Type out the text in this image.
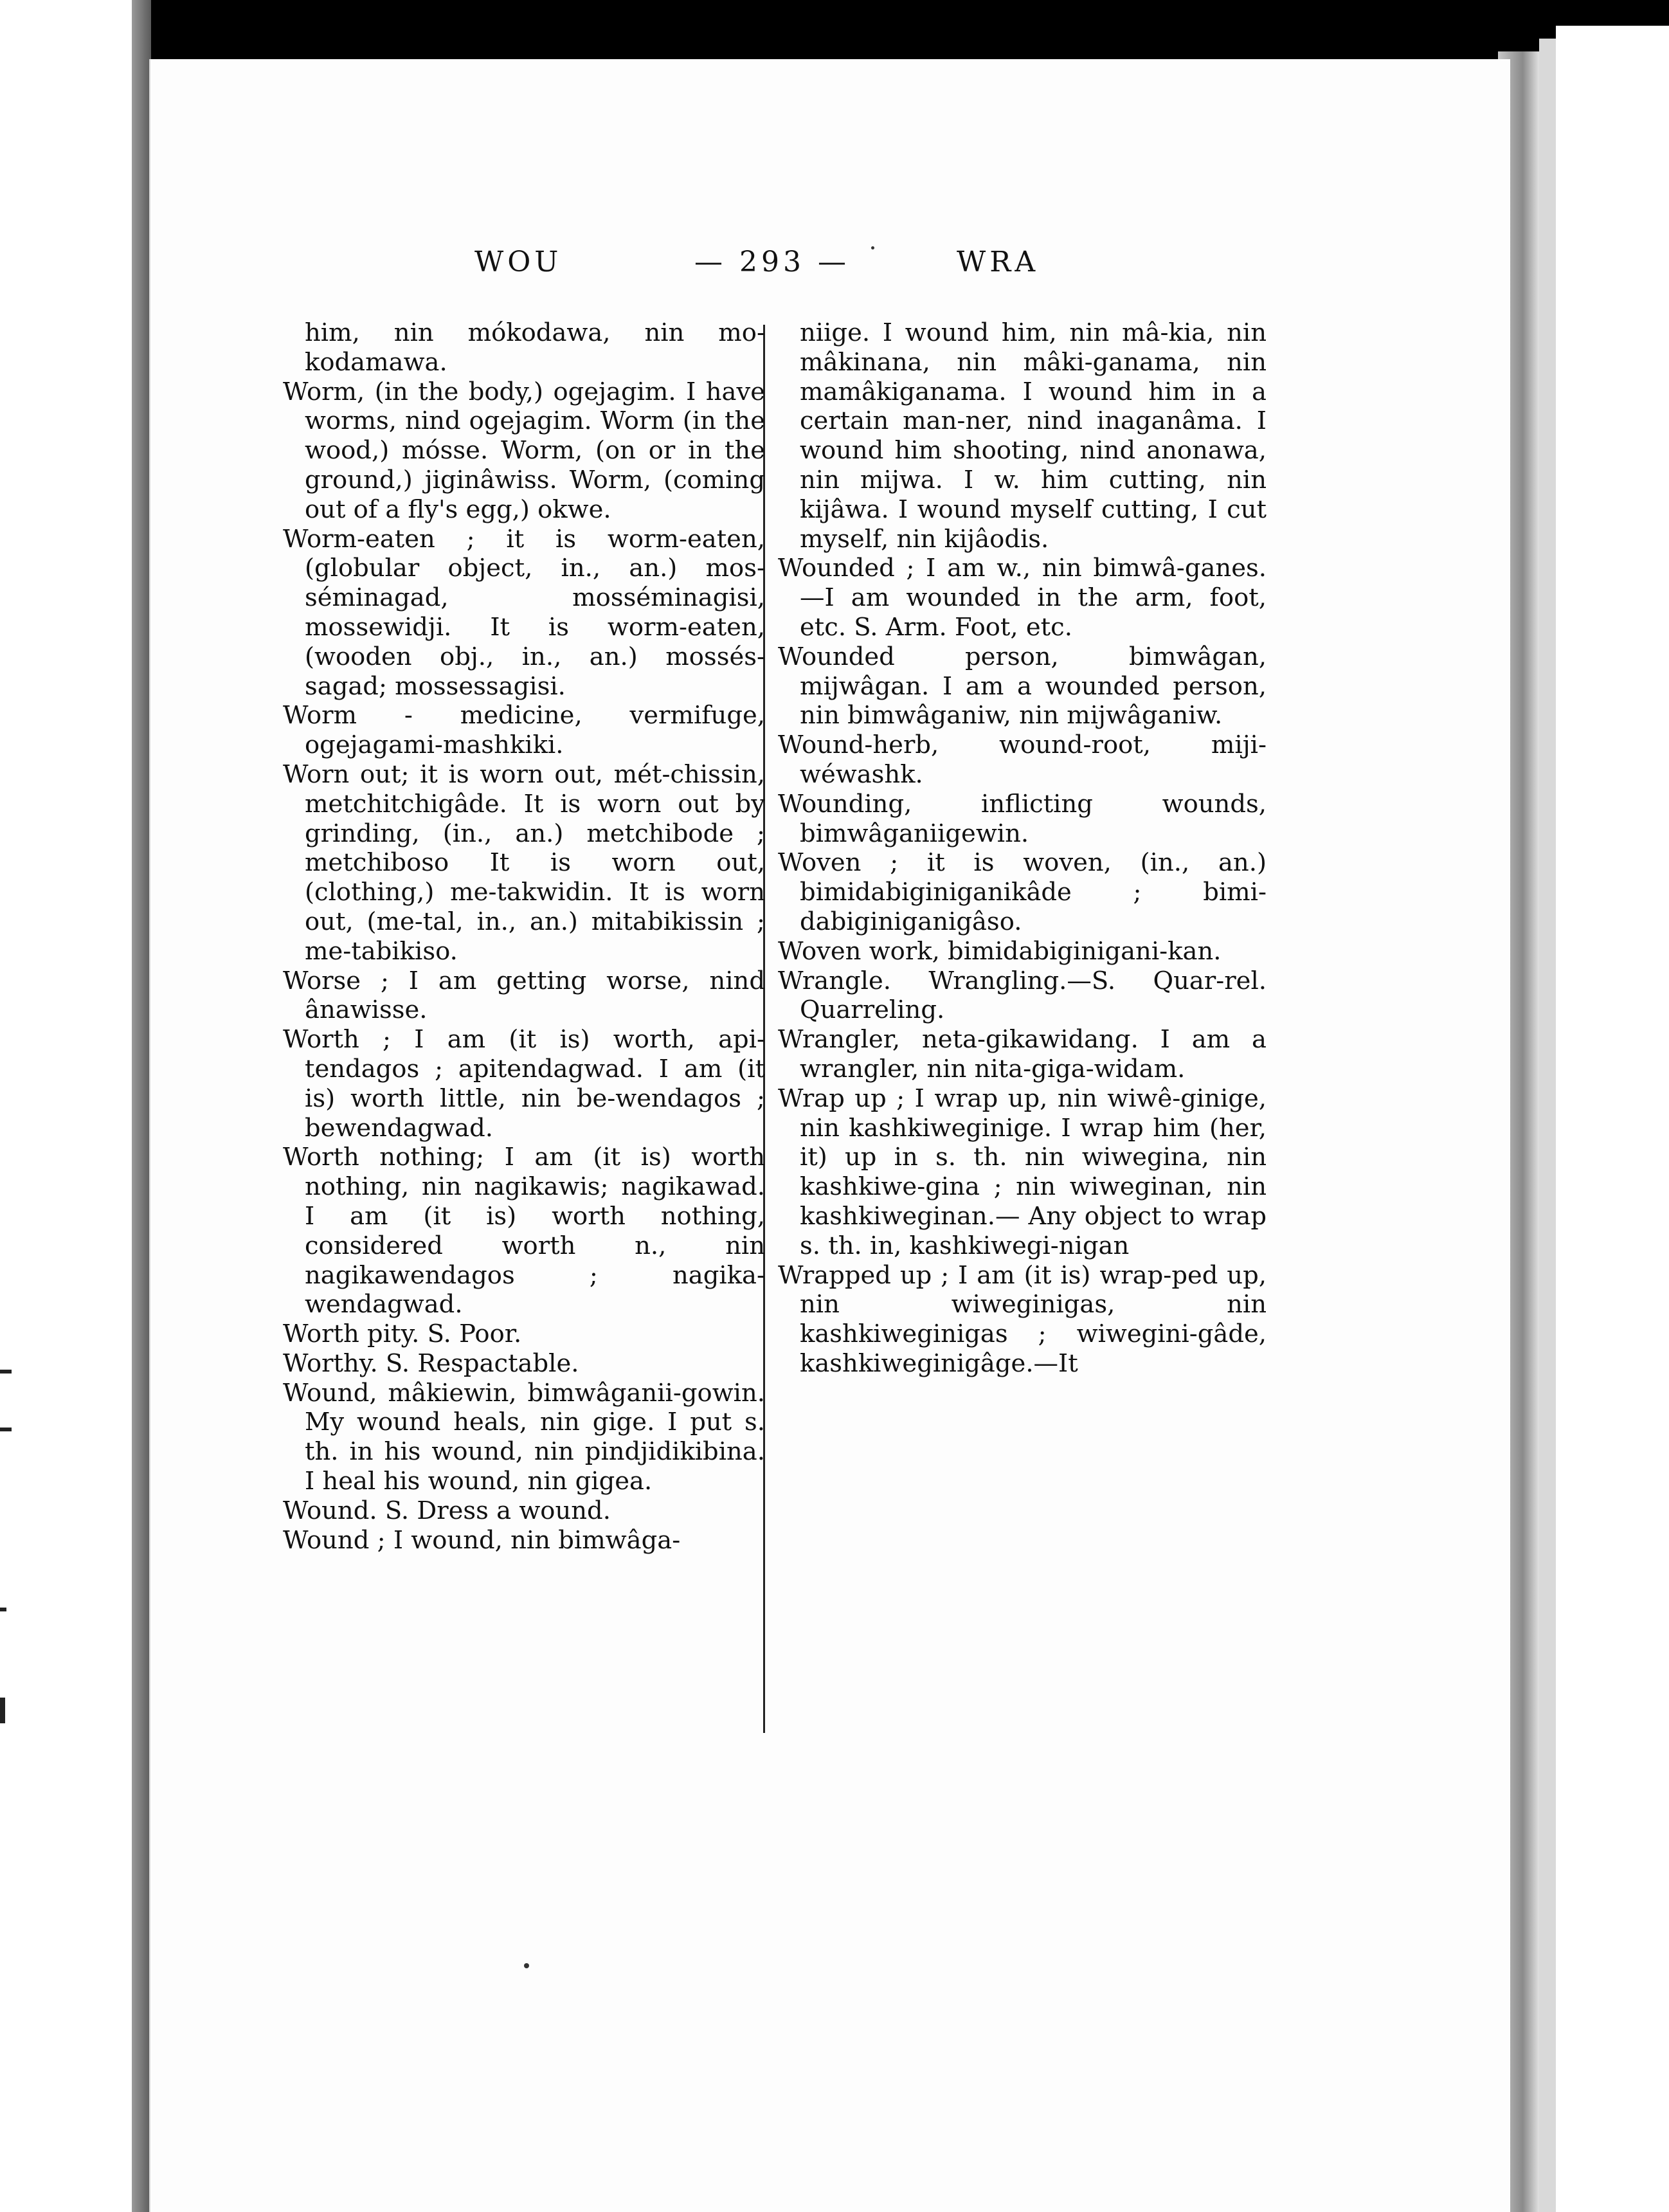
WOU	— 293 —	WRA

him, nin mókodawa, nin mo-kodamawa.

Worm, (in the body,) ogejagim. I have worms, nind ogejagim. Worm (in the wood,) mósse. Worm, (on or in the ground,) jiginâwiss. Worm, (coming out of a fly's egg,) okwe.

Worm-eaten ; it is worm-eaten, (globular object, in., an.) mos-séminagad, mosséminagisi, mossewidji. It is worm-eaten, (wooden obj., in., an.) mossés-sagad; mossessagisi.

Worm - medicine, vermifuge, ogejagami-mashkiki.

Worn out; it is worn out, mét-chissin, metchitchigâde. It is worn out by grinding, (in., an.) metchibode ; metchiboso It is worn out, (clothing,) me-takwidin. It is worn out, (me-tal, in., an.) mitabikissin ; me-tabikiso.

Worse ; I am getting worse, nind ânawisse.

Worth ; I am (it is) worth, api-tendagos ; apitendagwad. I am (it is) worth little, nin be-wendagos ; bewendagwad.

Worth nothing; I am (it is) worth nothing, nin nagikawis; nagikawad. I am (it is) worth nothing, considered worth n., nin nagikawendagos ; nagika-wendagwad.

Worth pity. S. Poor.

Worthy. S. Respactable.

Wound, mâkiewin, bimwâganii-gowin. My wound heals, nin gige. I put s. th. in his wound, nin pindjidikibina. I heal his wound, nin gigea.

Wound. S. Dress a wound.

Wound ; I wound, nin bimwâga-

niige. I wound him, nin mâ-kia, nin mâkinana, nin mâki-ganama, nin mamâkiganama. I wound him in a certain man-ner, nind inaganâma. I wound him shooting, nind anonawa, nin mijwa. I w. him cutting, nin kijâwa. I wound myself cutting, I cut myself, nin kijâodis.

Wounded ; I am w., nin bimwâ-ganes.—I am wounded in the arm, foot, etc. S. Arm. Foot, etc.

Wounded person, bimwâgan, mijwâgan. I am a wounded person, nin bimwâganiw, nin mijwâganiw.

Wound-herb, wound-root, miji-wéwashk.

Wounding, inflicting wounds, bimwâganiigewin.

Woven ; it is woven, (in., an.) bimidabiginiganikâde ; bimi-dabiginiganigâso.

Woven work, bimidabiginigani-kan.

Wrangle. Wrangling.—S. Quar-rel. Quarreling.

Wrangler, neta-gikawidang. I am a wrangler, nin nita-giga-widam.

Wrap up ; I wrap up, nin wiwê-ginige, nin kashkiweginige. I wrap him (her, it) up in s. th. nin wiwegina, nin kashkiwe-gina ; nin wiweginan, nin kashkiweginan.— Any object to wrap s. th. in, kashkiwegi-nigan

Wrapped up ; I am (it is) wrap-ped up, nin wiweginigas, nin kashkiweginigas ; wiwegini-gâde, kashkiweginigâge.—It
